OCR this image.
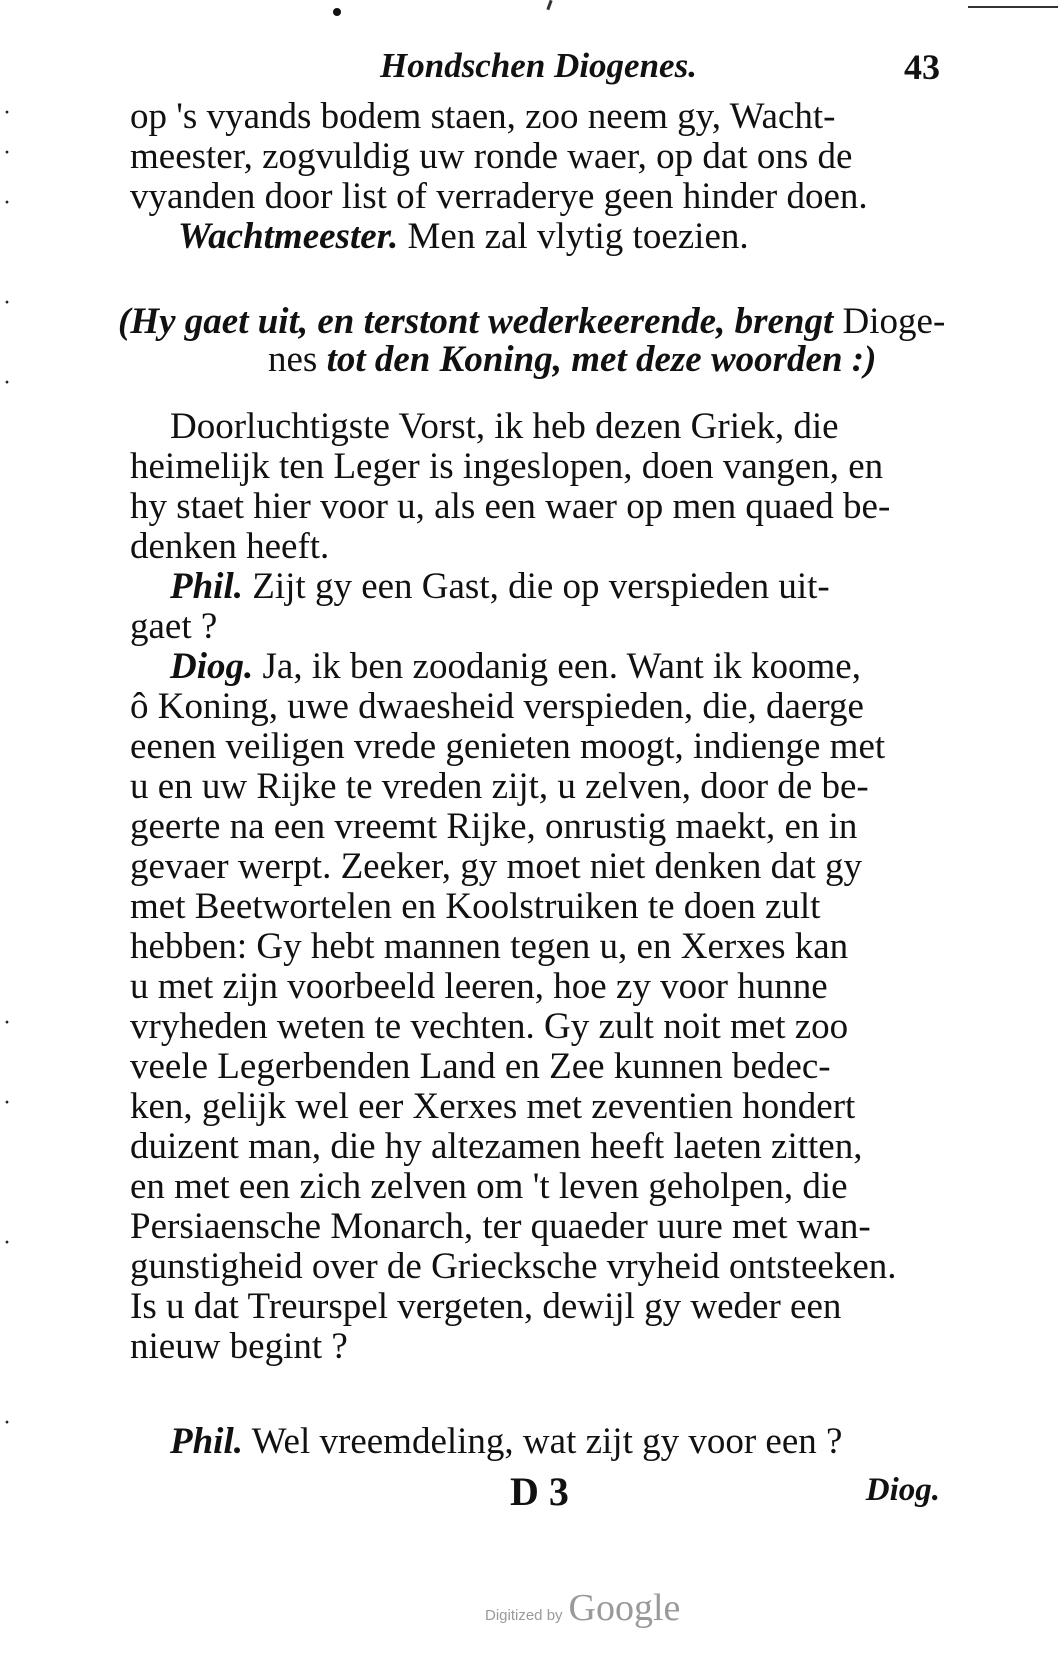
·
·
·
·
·
·
·
·
·
Hondschen Diogenes.	43
op 's vyands bodem staen, zoo neem gy, Wacht-
meester, zogvuldig uw ronde waer, op dat ons de
vyanden door list of verraderye geen hinder doen.
Wachtmeester. Men zal vlytig toezien.
(Hy gaet uit, en terstont wederkeerende, brengt Dioge-
nes tot den Koning, met deze woorden :)
Doorluchtigste Vorst, ik heb dezen Griek, die
heimelijk ten Leger is ingeslopen, doen vangen, en
hy staet hier voor u, als een waer op men quaed be-
denken heeft.
Phil. Zijt gy een Gast, die op verspieden uit-
gaet ?
Diog. Ja, ik ben zoodanig een. Want ik koome,
ô Koning, uwe dwaesheid verspieden, die, daerge
eenen veiligen vrede genieten moogt, indienge met
u en uw Rijke te vreden zijt, u zelven, door de be-
geerte na een vreemt Rijke, onrustig maekt, en in
gevaer werpt. Zeeker, gy moet niet denken dat gy
met Beetwortelen en Koolstruiken te doen zult
hebben: Gy hebt mannen tegen u, en Xerxes kan
u met zijn voorbeeld leeren, hoe zy voor hunne
vryheden weten te vechten. Gy zult noit met zoo
veele Legerbenden Land en Zee kunnen bedec-
ken, gelijk wel eer Xerxes met zeventien hondert
duizent man, die hy altezamen heeft laeten zitten,
en met een zich zelven om 't leven geholpen, die
Persiaensche Monarch, ter quaeder uure met wan-
gunstigheid over de Griecksche vryheid ontsteeken.
Is u dat Treurspel vergeten, dewijl gy weder een
nieuw begint ?
Phil. Wel vreemdeling, wat zijt gy voor een ?
D 3	Diog.
Digitized by Google
